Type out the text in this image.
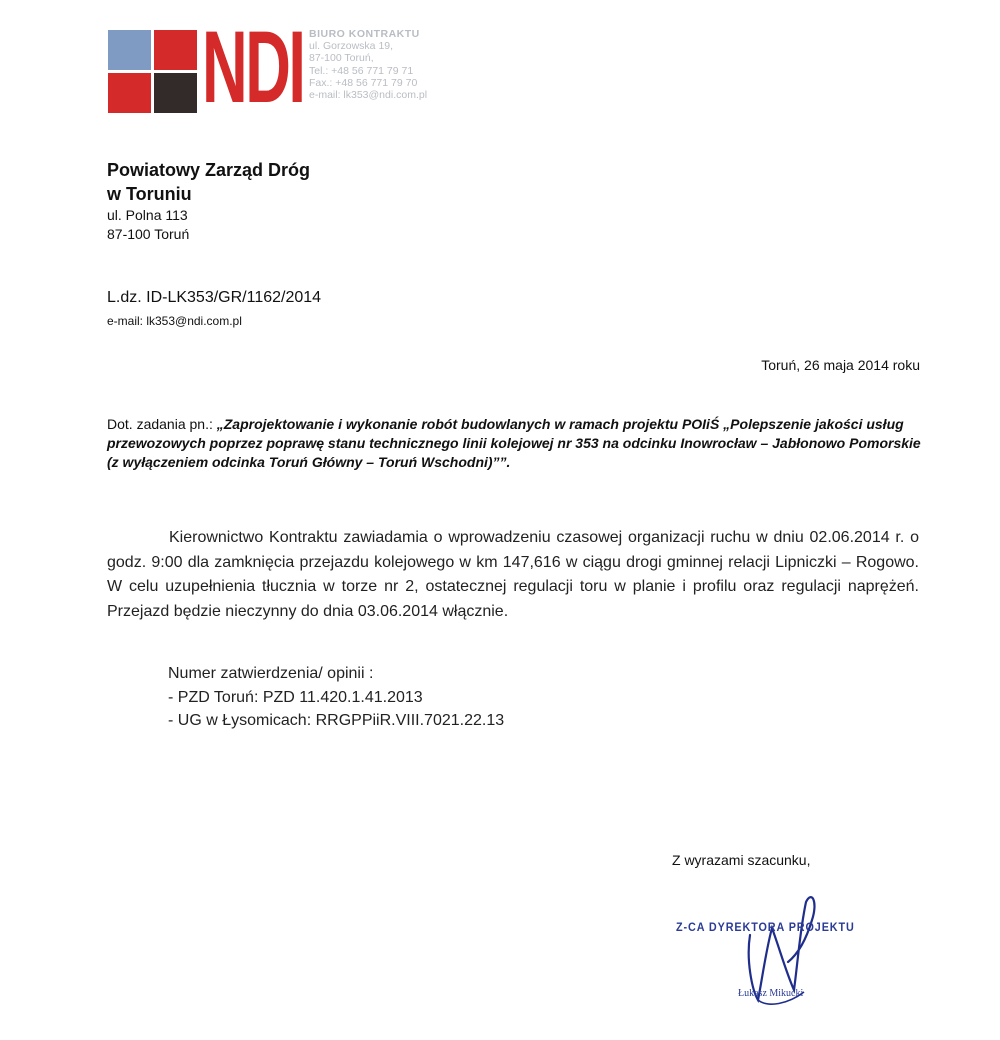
NDI BIURO KONTRAKTU
ul. Gorzowska 19,
87-100 Toruń,
Tel.: +48 56 771 79 71
Fax.: +48 56 771 79 70
e-mail: lk353@ndi.com.pl
Powiatowy Zarząd Dróg
w Toruniu
ul. Polna 113
87-100 Toruń
L.dz. ID-LK353/GR/1162/2014
e-mail: lk353@ndi.com.pl
Toruń, 26 maja 2014 roku
Dot. zadania pn.: „Zaprojektowanie i wykonanie robót budowlanych w ramach projektu POIiŚ „Polepszenie jakości usług przewozowych poprzez poprawę stanu technicznego linii kolejowej nr 353 na odcinku Inowrocław – Jabłonowo Pomorskie (z wyłączeniem odcinka Toruń Główny – Toruń Wschodni)””.
Kierownictwo Kontraktu zawiadamia o wprowadzeniu czasowej organizacji ruchu w dniu 02.06.2014 r. o godz. 9:00 dla zamknięcia przejazdu kolejowego w km 147,616 w ciągu drogi gminnej relacji Lipniczki – Rogowo. W celu uzupełnienia tłucznia w torze nr 2, ostatecznej regulacji toru w planie i profilu oraz regulacji naprężeń. Przejazd będzie nieczynny do dnia 03.06.2014 włącznie.
Numer zatwierdzenia/ opinii :
- PZD Toruń: PZD 11.420.1.41.2013
- UG w Łysomicach: RRGPPiiR.VIII.7021.22.13
Z wyrazami szacunku,
Z-CA DYREKTORA PROJEKTU
Łukasz Mikucki
